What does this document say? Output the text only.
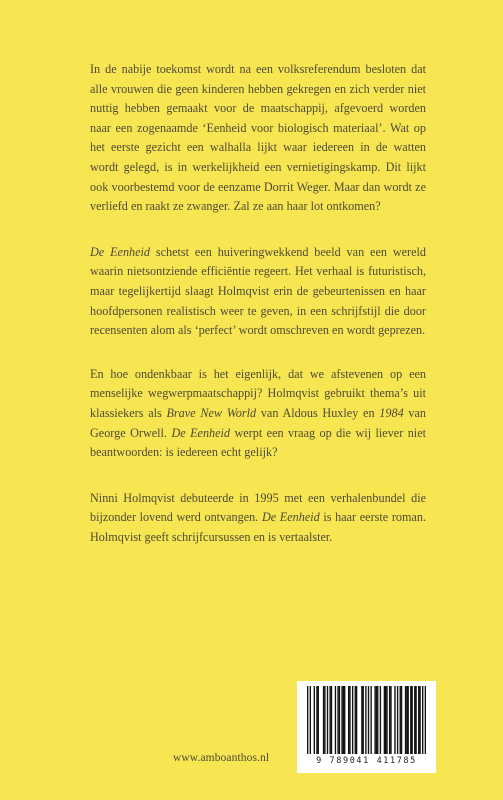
In de nabije toekomst wordt na een volksreferendum besloten dat alle vrouwen die geen kinderen hebben gekregen en zich verder niet nuttig hebben gemaakt voor de maatschappij, afgevoerd worden naar een zogenaamde ‘Eenheid voor biologisch materiaal’. Wat op het eerste gezicht een walhalla lijkt waar iedereen in de watten wordt gelegd, is in werkelijkheid een vernietigingskamp. Dit lijkt ook voorbestemd voor de eenzame Dorrit Weger. Maar dan wordt ze verliefd en raakt ze zwanger. Zal ze aan haar lot ontkomen?

De Eenheid schetst een huiveringwekkend beeld van een wereld waarin nietsontziende efficiëntie regeert. Het verhaal is futuristisch, maar tegelijkertijd slaagt Holmqvist erin de gebeurtenissen en haar hoofdpersonen realistisch weer te geven, in een schrijfstijl die door recensenten alom als ‘perfect’ wordt omschreven en wordt geprezen.

En hoe ondenkbaar is het eigenlijk, dat we afstevenen op een menselijke wegwerpmaatschappij? Holmqvist gebruikt thema’s uit klassiekers als Brave New World van Aldous Huxley en 1984 van George Orwell. De Eenheid werpt een vraag op die wij liever niet beantwoorden: is iedereen echt gelijk?

Ninni Holmqvist debuteerde in 1995 met een verhalenbundel die bijzonder lovend werd ontvangen. De Eenheid is haar eerste roman. Holmqvist geeft schrijfcursussen en is vertaalster.

www.amboanthos.nl	9 789041 411785
